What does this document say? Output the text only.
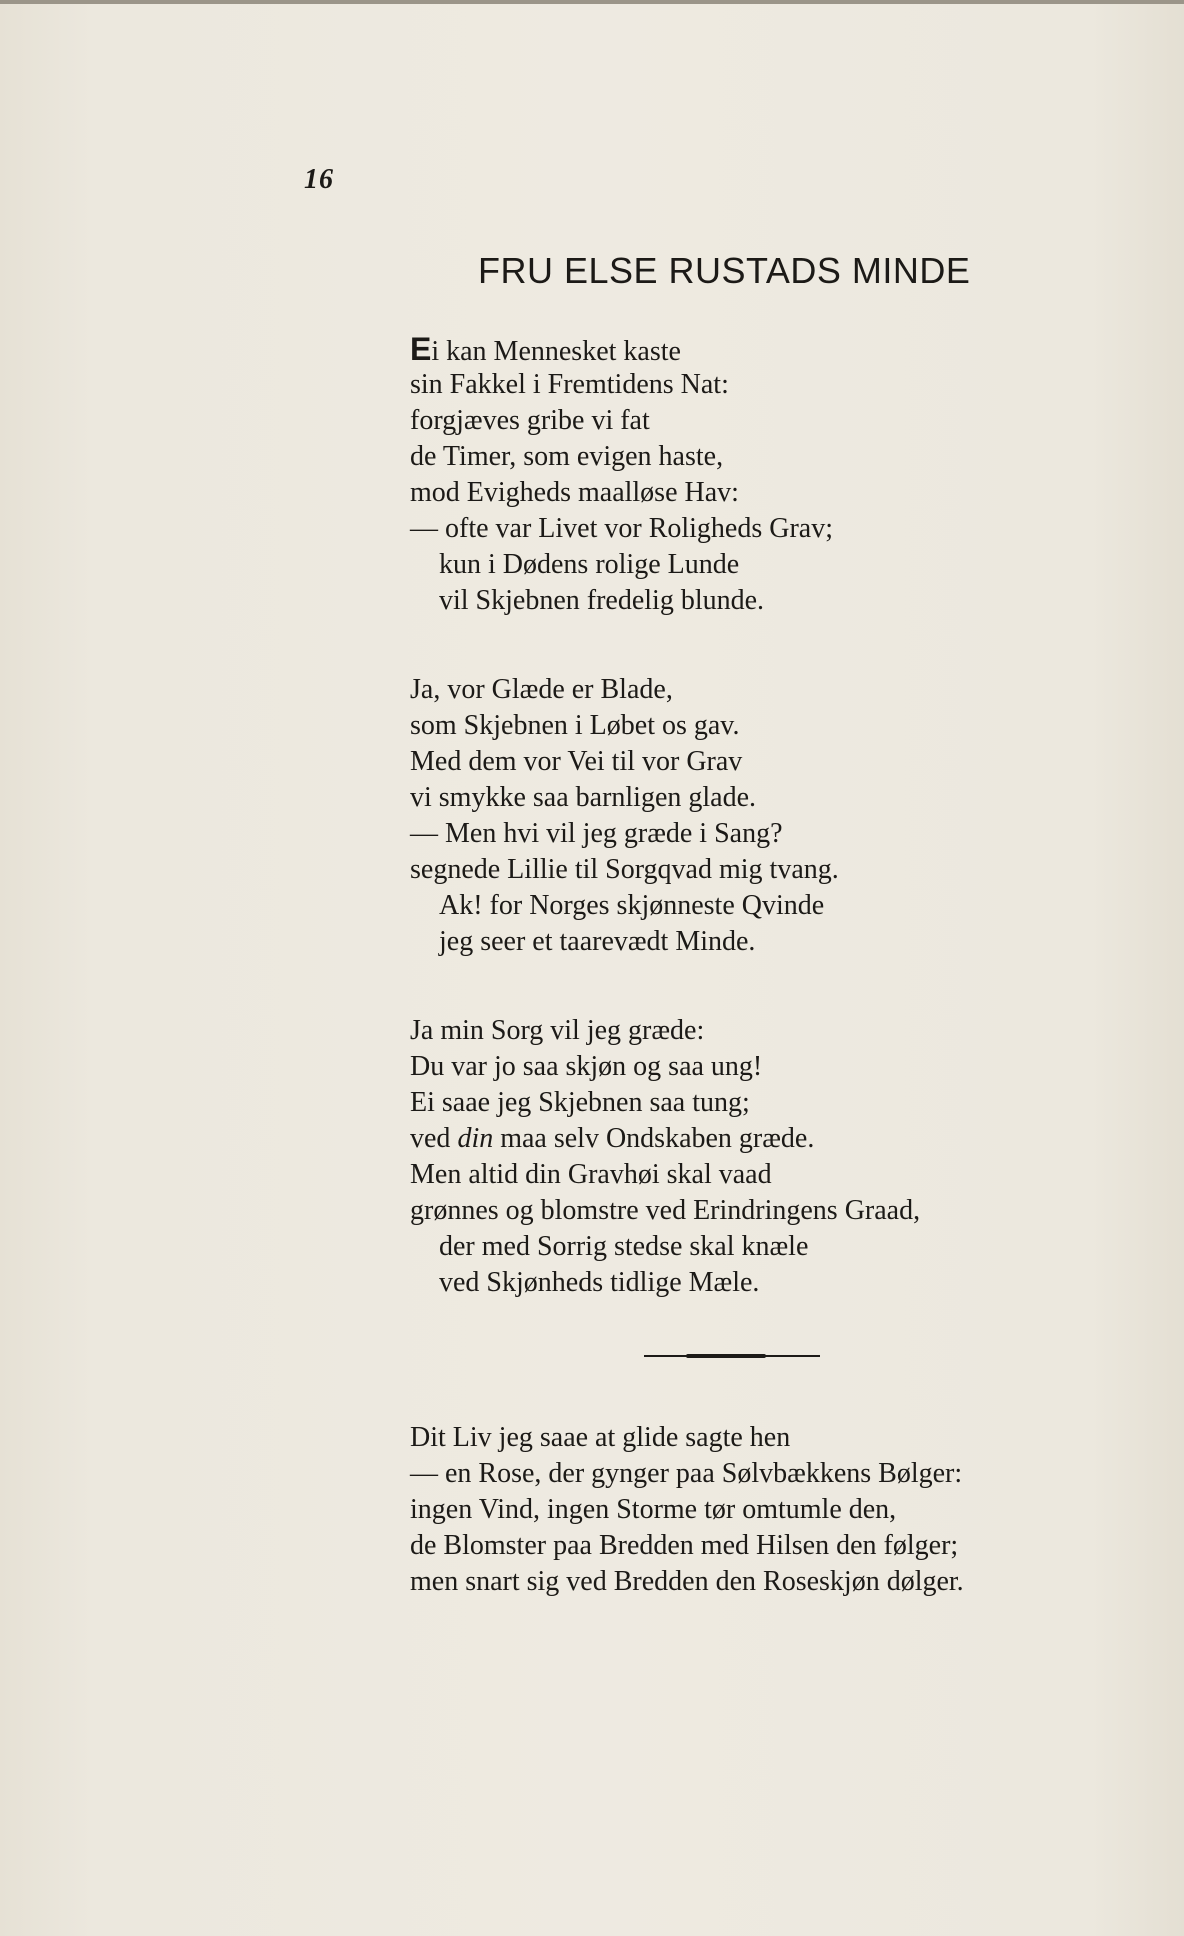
16
FRU ELSE RUSTADS MINDE
Ei kan Mennesket kaste
sin Fakkel i Fremtidens Nat:
forgjæves gribe vi fat
de Timer, som evigen haste,
mod Evigheds maalløse Hav:
— ofte var Livet vor Roligheds Grav;
kun i Dødens rolige Lunde
vil Skjebnen fredelig blunde.
Ja, vor Glæde er Blade,
som Skjebnen i Løbet os gav.
Med dem vor Vei til vor Grav
vi smykke saa barnligen glade.
— Men hvi vil jeg græde i Sang?
segnede Lillie til Sorgqvad mig tvang.
Ak! for Norges skjønneste Qvinde
jeg seer et taarevædt Minde.
Ja min Sorg vil jeg græde:
Du var jo saa skjøn og saa ung!
Ei saae jeg Skjebnen saa tung;
ved din maa selv Ondskaben græde.
Men altid din Gravhøi skal vaad
grønnes og blomstre ved Erindringens Graad,
der med Sorrig stedse skal knæle
ved Skjønheds tidlige Mæle.
Dit Liv jeg saae at glide sagte hen
— en Rose, der gynger paa Sølvbækkens Bølger:
ingen Vind, ingen Storme tør omtumle den,
de Blomster paa Bredden med Hilsen den følger;
men snart sig ved Bredden den Roseskjøn dølger.
